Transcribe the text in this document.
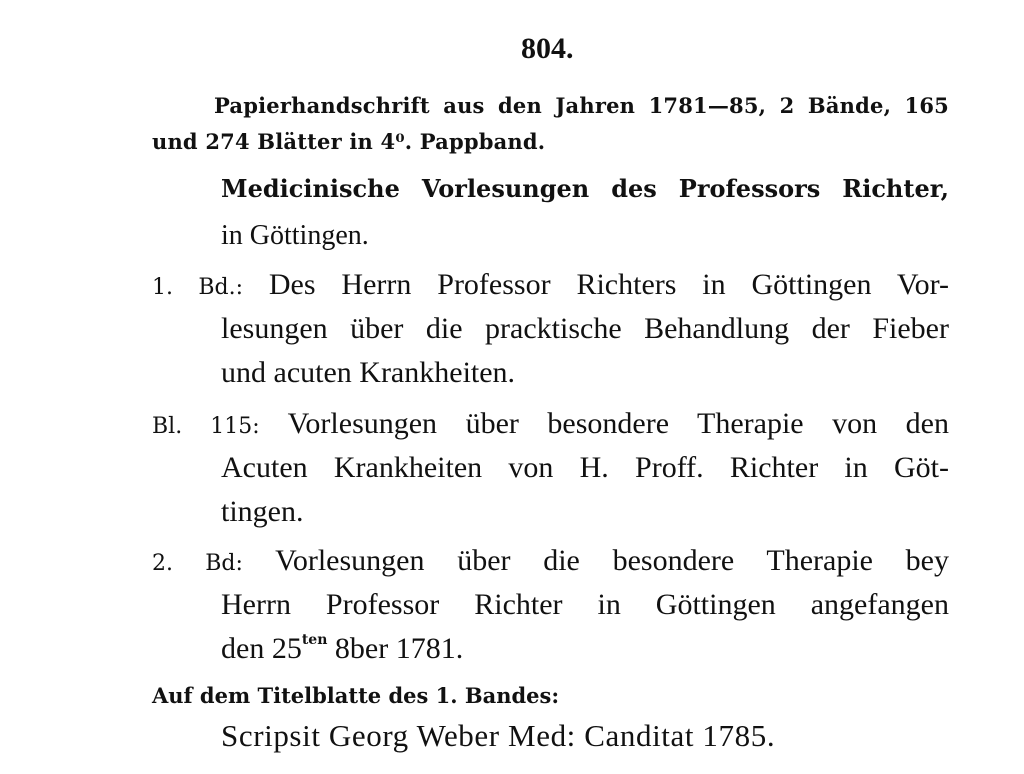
804.
Papierhandschrift aus den Jahren 1781—85, 2 Bände, 165
und 274 Blätter in 4⁰. Pappband.
Medicinische Vorlesungen des Professors Richter,
in Göttingen.
1. Bd.: Des Herrn Professor Richters in Göttingen Vor-
lesungen über die pracktische Behandlung der Fieber
und acuten Krankheiten.
Bl. 115: Vorlesungen über besondere Therapie von den
Acuten Krankheiten von H. Proff. Richter in Göt-
tingen.
2. Bd: Vorlesungen über die besondere Therapie bey
Herrn Professor Richter in Göttingen angefangen
den $25^{ten}$ 8ber 1781.
Auf dem Titelblatte des 1. Bandes:
Scripsit Georg Weber Med: Canditat 1785.
